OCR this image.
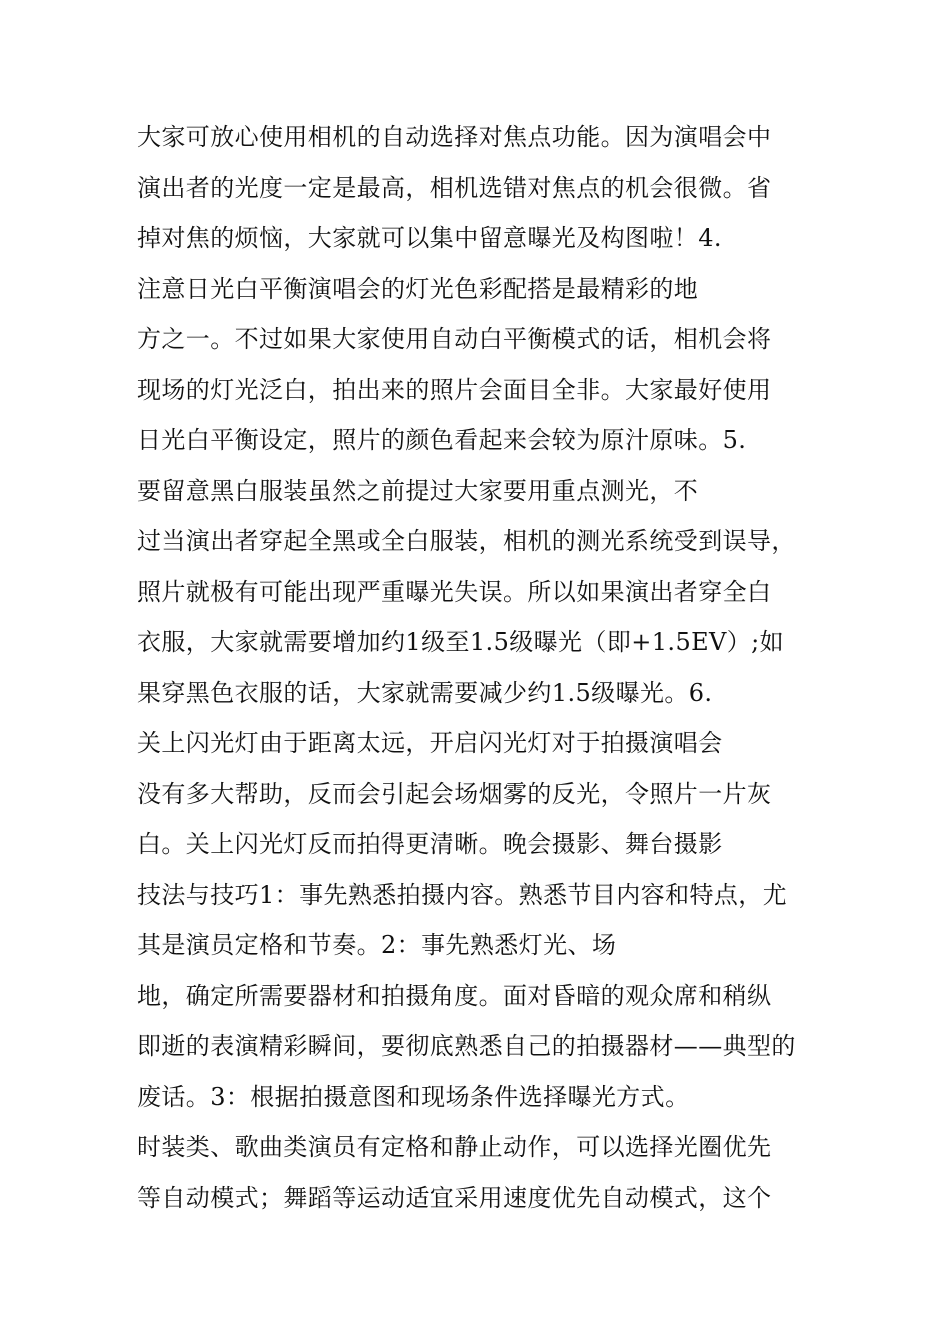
大家可放心使用相机的自动选择对焦点功能。因为演唱会中
演出者的光度一定是最高，相机选错对焦点的机会很微。省
掉对焦的烦恼，大家就可以集中留意曝光及构图啦！4.
注意日光白平衡演唱会的灯光色彩配搭是最精彩的地
方之一。不过如果大家使用自动白平衡模式的话，相机会将
现场的灯光泛白，拍出来的照片会面目全非。大家最好使用
日光白平衡设定，照片的颜色看起来会较为原汁原味。5.
要留意黑白服装虽然之前提过大家要用重点测光，不
过当演出者穿起全黑或全白服装，相机的测光系统受到误导，
照片就极有可能出现严重曝光失误。所以如果演出者穿全白
衣服，大家就需要增加约1级至1.5级曝光（即+1.5EV）;如
果穿黑色衣服的话，大家就需要减少约1.5级曝光。6.
关上闪光灯由于距离太远，开启闪光灯对于拍摄演唱会
没有多大帮助，反而会引起会场烟雾的反光，令照片一片灰
白。关上闪光灯反而拍得更清晰。晚会摄影、舞台摄影
技法与技巧1：事先熟悉拍摄内容。熟悉节目内容和特点，尤
其是演员定格和节奏。2：事先熟悉灯光、场
地，确定所需要器材和拍摄角度。面对昏暗的观众席和稍纵
即逝的表演精彩瞬间，要彻底熟悉自己的拍摄器材——典型的
废话。3：根据拍摄意图和现场条件选择曝光方式。
时装类、歌曲类演员有定格和静止动作，可以选择光圈优先
等自动模式；舞蹈等运动适宜采用速度优先自动模式，这个
